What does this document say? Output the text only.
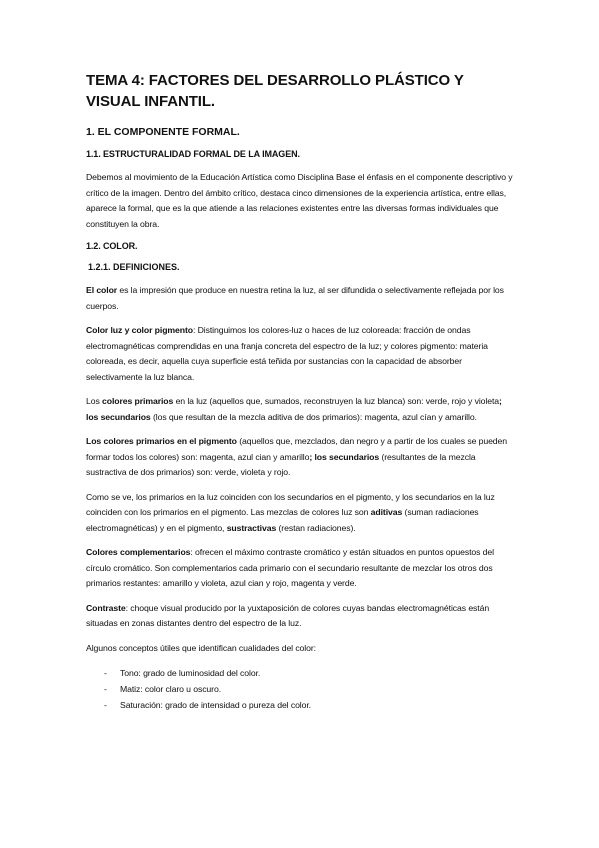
TEMA 4: FACTORES DEL DESARROLLO PLÁSTICO Y VISUAL INFANTIL.
1. EL COMPONENTE FORMAL.
1.1. ESTRUCTURALIDAD FORMAL DE LA IMAGEN.
Debemos al movimiento de la Educación Artística como Disciplina Base el énfasis en el componente descriptivo y crítico de la imagen. Dentro del ámbito crítico, destaca cinco dimensiones de la experiencia artística, entre ellas, aparece la formal, que es la que atiende a las relaciones existentes entre las diversas formas individuales que constituyen la obra.
1.2. COLOR.
1.2.1. DEFINICIONES.
El color es la impresión que produce en nuestra retina la luz, al ser difundida o selectivamente reflejada por los cuerpos.
Color luz y color pigmento: Distinguimos los colores-luz o haces de luz coloreada: fracción de ondas electromagnéticas comprendidas en una franja concreta del espectro de la luz; y colores pigmento: materia coloreada, es decir, aquella cuya superficie está teñida por sustancias con la capacidad de absorber selectivamente la luz blanca.
Los colores primarios en la luz (aquellos que, sumados, reconstruyen la luz blanca) son: verde, rojo y violeta; los secundarios (los que resultan de la mezcla aditiva de dos primarios): magenta, azul cían y amarillo.
Los colores primarios en el pigmento (aquellos que, mezclados, dan negro y a partir de los cuales se pueden formar todos los colores) son: magenta, azul cian y amarillo; los secundarios (resultantes de la mezcla sustractiva de dos primarios) son: verde, violeta y rojo.
Como se ve, los primarios en la luz coinciden con los secundarios en el pigmento, y los secundarios en la luz coinciden con los primarios en el pigmento. Las mezclas de colores luz son aditivas (suman radiaciones electromagnéticas) y en el pigmento, sustractivas (restan radiaciones).
Colores complementarios: ofrecen el máximo contraste cromático y están situados en puntos opuestos del círculo cromático. Son complementarios cada primario con el secundario resultante de mezclar los otros dos primarios restantes: amarillo y violeta, azul cian y rojo, magenta y verde.
Contraste: choque visual producido por la yuxtaposición de colores cuyas bandas electromagnéticas están situadas en zonas distantes dentro del espectro de la luz.
Algunos conceptos útiles que identifican cualidades del color:
- Tono: grado de luminosidad del color.
- Matiz: color claro u oscuro.
- Saturación: grado de intensidad o pureza del color.
